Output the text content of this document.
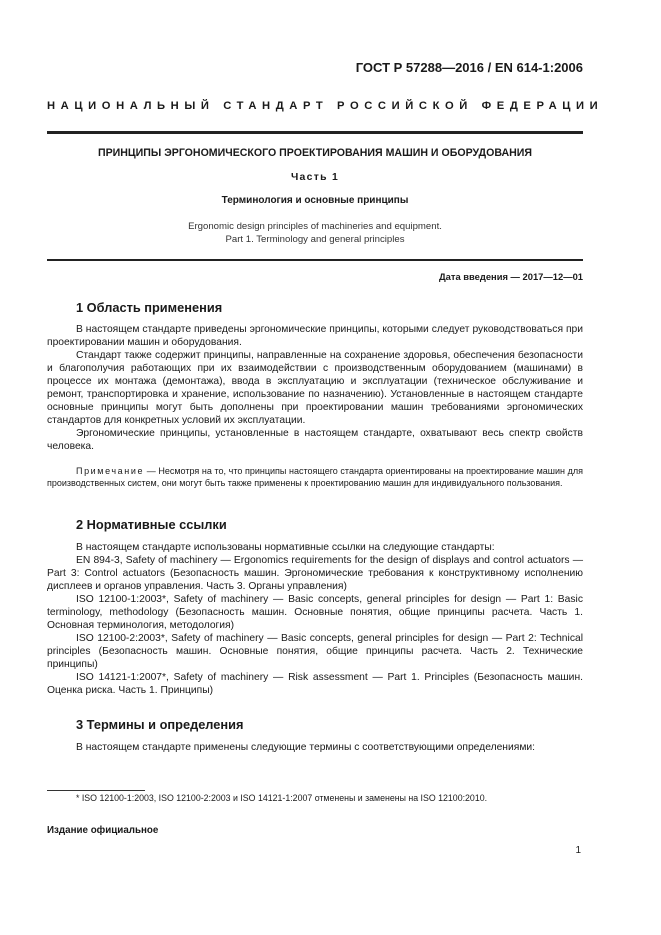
ГОСТ Р 57288—2016 / EN 614-1:2006
НАЦИОНАЛЬНЫЙ СТАНДАРТ РОССИЙСКОЙ ФЕДЕРАЦИИ
ПРИНЦИПЫ ЭРГОНОМИЧЕСКОГО ПРОЕКТИРОВАНИЯ МАШИН И ОБОРУДОВАНИЯ
Часть 1
Терминология и основные принципы
Ergonomic design principles of machineries and equipment.
Part 1. Terminology and general principles
Дата введения — 2017—12—01
1 Область применения

В настоящем стандарте приведены эргономические принципы, которыми следует руководствоваться при проектировании машин и оборудования.

Стандарт также содержит принципы, направленные на сохранение здоровья, обеспечения безопасности и благополучия работающих при их взаимодействии с производственным оборудованием (машинами) в процессе их монтажа (демонтажа), ввода в эксплуатацию и эксплуатации (техническое обслуживание и ремонт, транспортировка и хранение, использование по назначению). Установленные в настоящем стандарте основные принципы могут быть дополнены при проектировании машин требованиями эргономических стандартов для конкретных условий их эксплуатации.

Эргономические принципы, установленные в настоящем стандарте, охватывают весь спектр свойств человека.

Примечание — Несмотря на то, что принципы настоящего стандарта ориентированы на проектирование машин для производственных систем, они могут быть также применены к проектированию машин для индивидуального пользования.

2 Нормативные ссылки

В настоящем стандарте использованы нормативные ссылки на следующие стандарты:

EN 894-3, Safety of machinery — Ergonomics requirements for the design of displays and control actuators — Part 3: Control actuators (Безопасность машин. Эргономические требования к конструктивному исполнению дисплеев и органов управления. Часть 3. Органы управления)

ISO 12100-1:2003*, Safety of machinery — Basic concepts, general principles for design — Part 1: Basic terminology, methodology (Безопасность машин. Основные понятия, общие принципы расчета. Часть 1. Основная терминология, методология)

ISO 12100-2:2003*, Safety of machinery — Basic concepts, general principles for design — Part 2: Technical principles (Безопасность машин. Основные понятия, общие принципы расчета. Часть 2. Технические принципы)

ISO 14121-1:2007*, Safety of machinery — Risk assessment — Part 1. Principles (Безопасность машин. Оценка риска. Часть 1. Принципы)

3 Термины и определения

В настоящем стандарте применены следующие термины с соответствующими определениями:

* ISO 12100-1:2003, ISO 12100-2:2003 и ISO 14121-1:2007 отменены и заменены на ISO 12100:2010.
Издание официальное
1
